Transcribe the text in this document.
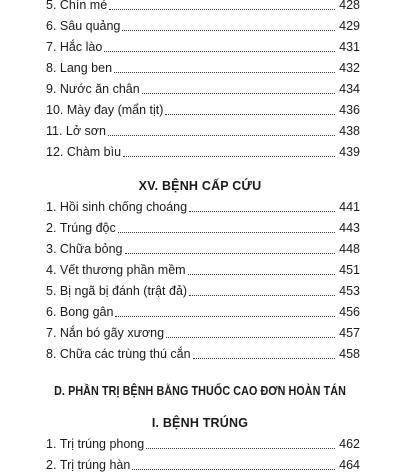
5. Chín mé	428
6. Sâu quảng	429
7. Hắc lào	431
8. Lang ben	432
9. Nước ăn chân	434
10. Mày đay (mẩn tịt)	436
11. Lở sơn	438
12. Chàm bìu	439
XV. BỆNH CẤP CỨU
1. Hồi sinh chống choáng	441
2. Trúng độc	443
3. Chữa bỏng	448
4. Vết thương phần mềm	451
5. Bị ngã bị đánh (trật đả)	453
6. Bong gân	456
7. Nắn bó gãy xương	457
8. Chữa các trùng thú cắn	458
D. PHẦN TRỊ BỆNH BẰNG THUỐC CAO ĐƠN HOÀN TÁN
I. BỆNH TRÚNG
1. Trị trúng phong	462
2. Trị trúng hàn	464
